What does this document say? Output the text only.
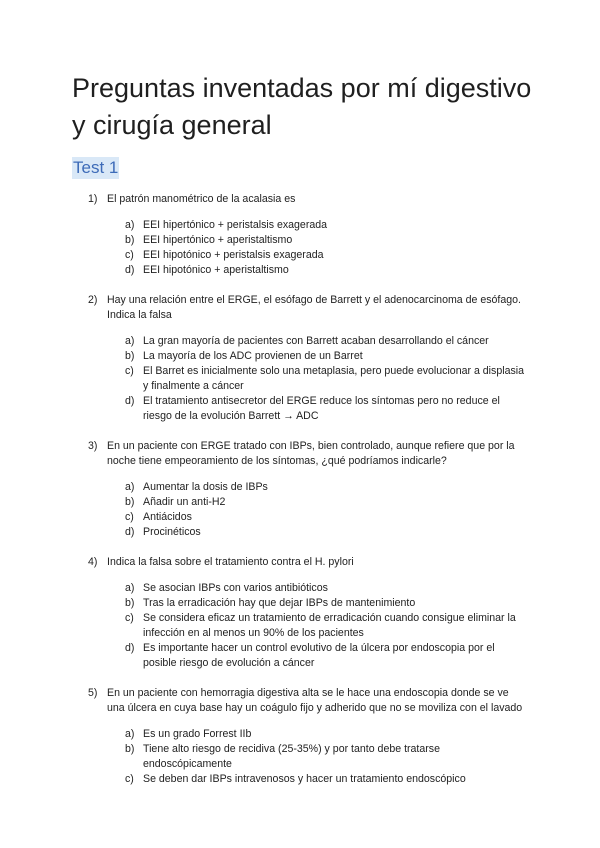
Preguntas inventadas por mí digestivo y cirugía general
Test 1
1) El patrón manométrico de la acalasia es
a) EEI hipertónico + peristalsis exagerada
b) EEI hipertónico + aperistaltismo
c) EEI hipotónico + peristalsis exagerada
d) EEI hipotónico + aperistaltismo
2) Hay una relación entre el ERGE, el esófago de Barrett y el adenocarcinoma de esófago. Indica la falsa
a) La gran mayoría de pacientes con Barrett acaban desarrollando el cáncer
b) La mayoría de los ADC provienen de un Barret
c) El Barret es inicialmente solo una metaplasia, pero puede evolucionar a displasia y finalmente a cáncer
d) El tratamiento antisecretor del ERGE reduce los síntomas pero no reduce el riesgo de la evolución Barrett → ADC
3) En un paciente con ERGE tratado con IBPs, bien controlado, aunque refiere que por la noche tiene empeoramiento de los síntomas, ¿qué podríamos indicarle?
a) Aumentar la dosis de IBPs
b) Añadir un anti-H2
c) Antiácidos
d) Procinéticos
4) Indica la falsa sobre el tratamiento contra el H. pylori
a) Se asocian IBPs con varios antibióticos
b) Tras la erradicación hay que dejar IBPs de mantenimiento
c) Se considera eficaz un tratamiento de erradicación cuando consigue eliminar la infección en al menos un 90% de los pacientes
d) Es importante hacer un control evolutivo de la úlcera por endoscopia por el posible riesgo de evolución a cáncer
5) En un paciente con hemorragia digestiva alta se le hace una endoscopia donde se ve una úlcera en cuya base hay un coágulo fijo y adherido que no se moviliza con el lavado
a) Es un grado Forrest IIb
b) Tiene alto riesgo de recidiva (25-35%) y por tanto debe tratarse endoscópicamente
c) Se deben dar IBPs intravenosos y hacer un tratamiento endoscópico
